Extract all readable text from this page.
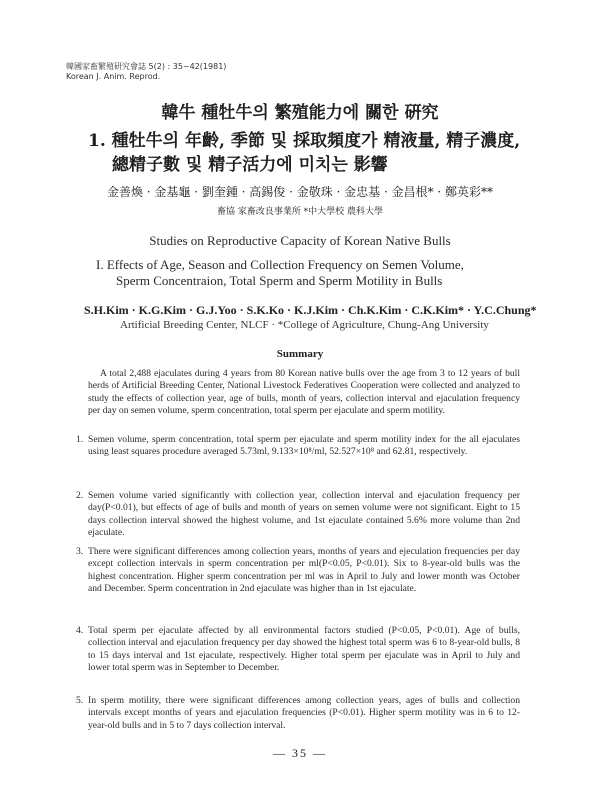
韓國家畜繁殖研究會誌 5(2) : 35~42(1981)
Korean J. Anim. Reprod.
韓牛 種牡牛의 繁殖能力에 關한 硏究
1. 種牡牛의 年齡, 季節 및 採取頻度가 精液量, 精子濃度,
總精子數 및 精子活力에 미치는 影響
金善煥 · 金基龜 · 劉奎鍾 · 高錫俊 · 金敬珠 · 金忠基 · 金昌根* · 鄭英彩**
畜協 家畜改良事業所 *中大學校 農科大學
Studies on Reproductive Capacity of Korean Native Bulls
I. Effects of Age, Season and Collection Frequency on Semen Volume,
Sperm Concentraion, Total Sperm and Sperm Motility in Bulls
S.H.Kim · K.G.Kim · G.J.Yoo · S.K.Ko · K.J.Kim · Ch.K.Kim · C.K.Kim* · Y.C.Chung*
Artificial Breeding Center, NLCF · *College of Agriculture, Chung-Ang University
Summary
A total 2,488 ejaculates during 4 years from 80 Korean native bulls over the age from 3 to 12 years of bull herds of Artificial Breeding Center, National Livestock Federatives Cooperation were collected and analyzed to study the effects of collection year, age of bulls, month of years, collection interval and ejaculation frequency per day on semen volume, sperm concentration, total sperm per ejaculate and sperm motility.
1. Semen volume, sperm concentration, total sperm per ejaculate and sperm motility index for the all ejaculates using least squares procedure averaged 5.73ml, 9.133×10⁸/ml, 52.527×10⁸ and 62.81, respectively.
2. Semen volume varied significantly with collection year, collection interval and ejaculation frequency per day(P<0.01), but effects of age of bulls and month of years on semen volume were not significant. Eight to 15 days collection interval showed the highest volume, and 1st ejaculate contained 5.6% more volume than 2nd ejaculate.
3. There were significant differences among collection years, months of years and ejeculation frequencies per day except collection intervals in sperm concentration per ml(P<0.05, P<0.01). Six to 8-year-old bulls was the highest concentration. Higher sperm concentration per ml was in April to July and lower month was October and December. Sperm concentration in 2nd ejaculate was higher than in 1st ejaculate.
4. Total sperm per ejaculate affected by all environmental factors studied (P<0.05, P<0.01). Age of bulls, collection interval and ejaculation frequency per day showed the highest total sperm was 6 to 8-year-old bulls, 8 to 15 days interval and 1st ejaculate, respectively. Higher total sperm per ejaculate was in April to July and lower total sperm was in September to December.
5. In sperm motility, there were significant differences among collection years, ages of bulls and collection intervals except months of years and ejaculation frequencies (P<0.01). Higher sperm motility was in 6 to 12-year-old bulls and in 5 to 7 days collection interval.
— 35 —
